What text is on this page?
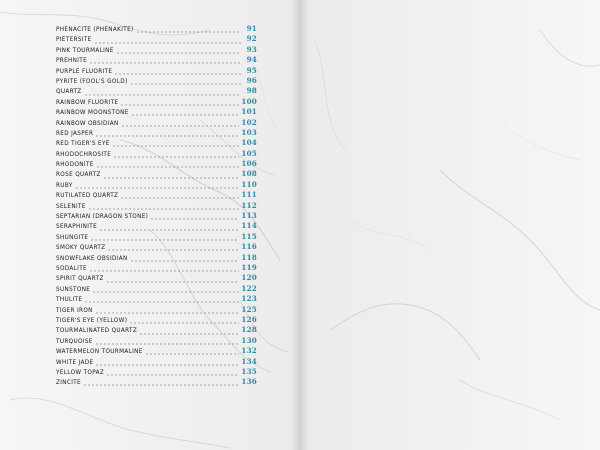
PHENACITE (PHENAKITE)	91
PIETERSITE	92
PINK TOURMALINE	93
PREHNITE	94
PURPLE FLUORITE	95
PYRITE (FOOL'S GOLD)	96
QUARTZ	98
RAINBOW FLUORITE	100
RAINBOW MOONSTONE	101
RAINBOW OBSIDIAN	102
RED JASPER	103
RED TIGER'S EYE	104
RHODOCHROSITE	105
RHODONITE	106
ROSE QUARTZ	108
RUBY	110
RUTILATED QUARTZ	111
SELENITE	112
SEPTARIAN (DRAGON STONE)	113
SERAPHINITE	114
SHUNGITE	115
SMOKY QUARTZ	116
SNOWFLAKE OBSIDIAN	118
SODALITE	119
SPIRIT QUARTZ	120
SUNSTONE	122
THULITE	123
TIGER IRON	125
TIGER'S EYE (YELLOW)	126
TOURMALINATED QUARTZ	128
TURQUOISE	130
WATERMELON TOURMALINE	132
WHITE JADE	134
YELLOW TOPAZ	135
ZINCITE	136
